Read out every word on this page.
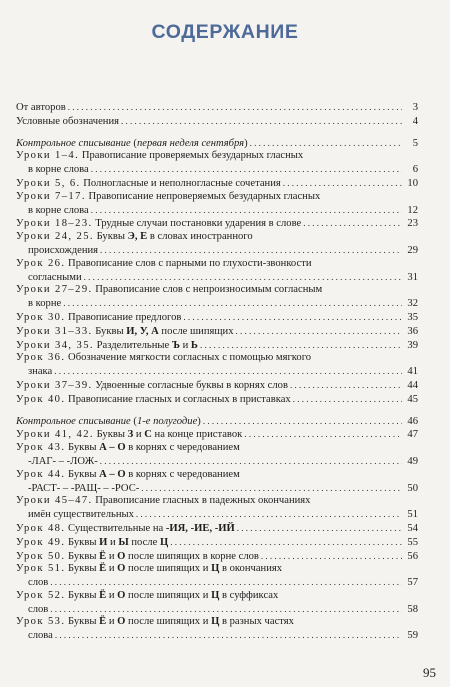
СОДЕРЖАНИЕ
От авторов . . .	3
Условные обозначения . . .	4
Контрольное списывание (первая неделя сентября) . . .	5
Уроки 1–4. Правописание проверяемых безударных гласных
в корне слова . . .	6
Уроки 5, 6. Полногласные и неполногласные сочетания . . .	10
Уроки 7–17. Правописание непроверяемых безударных гласных
в корне слова . . .	12
Уроки 18–23. Трудные случаи постановки ударения в слове . . .	23
Уроки 24, 25. Буквы Э, Е в словах иностранного
происхождения . . .	29
Урок 26. Правописание слов с парными по глухости-звонкости
согласными . . .	31
Уроки 27–29. Правописание слов с непроизносимым согласным
в корне . . .	32
Урок 30. Правописание предлогов . . .	35
Уроки 31–33. Буквы И, У, А после шипящих . . .	36
Уроки 34, 35. Разделительные Ъ и Ь . . .	39
Урок 36. Обозначение мягкости согласных с помощью мягкого
знака . . .	41
Уроки 37–39. Удвоенные согласные буквы в корнях слов . . .	44
Урок 40. Правописание гласных и согласных в приставках . . .	45
Контрольное списывание (1-е полугодие) . . .	46
Уроки 41, 42. Буквы З и С на конце приставок . . .	47
Урок 43. Буквы А – О в корнях с чередованием
-ЛАГ- – -ЛОЖ- . . .	49
Урок 44. Буквы А – О в корнях с чередованием
-РАСТ- – -РАЩ- – -РОС- . . .	50
Уроки 45–47. Правописание гласных в падежных окончаниях
имён существительных . . .	51
Урок 48. Существительные на -ИЯ, -ИЕ, -ИЙ . . .	54
Урок 49. Буквы И и Ы после Ц . . .	55
Урок 50. Буквы Ё и О после шипящих в корне слов . . .	56
Урок 51. Буквы Ё и О после шипящих и Ц в окончаниях
слов . . .	57
Урок 52. Буквы Ё и О после шипящих и Ц в суффиксах
слов . . .	58
Урок 53. Буквы Ё и О после шипящих и Ц в разных частях
слова . . .	59
95
